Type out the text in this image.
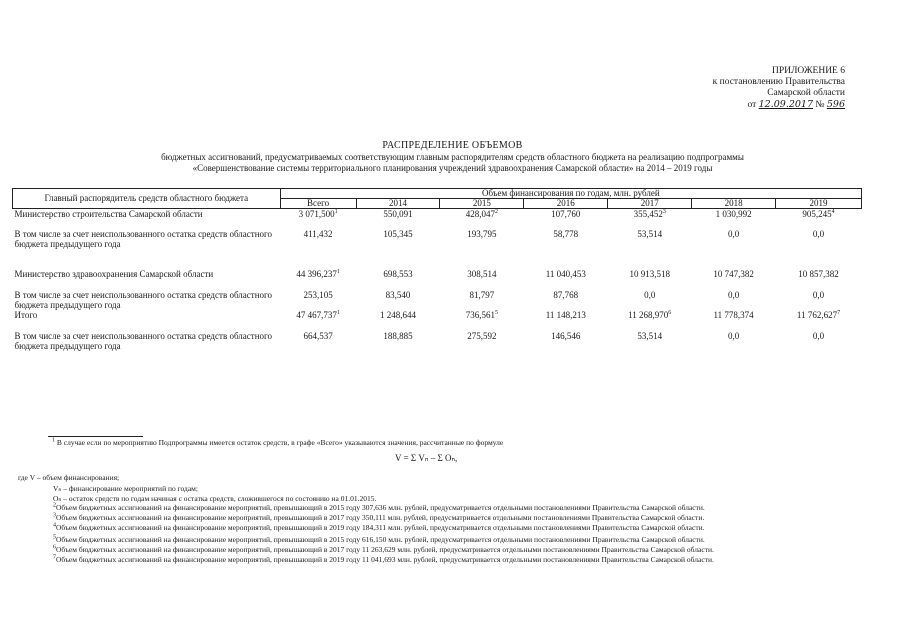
ПРИЛОЖЕНИЕ 6
к постановлению Правительства
Самарской области
от 12.09.2017 № 596
РАСПРЕДЕЛЕНИЕ ОБЪЕМОВ
бюджетных ассигнований, предусматриваемых соответствующим главным распорядителям средств областного бюджета на реализацию подпрограммы
«Совершенствование системы территориального планирования учреждений здравоохранения Самарской области» на 2014 – 2019 годы
Главный распорядитель средств областного бюджета	Объем финансирования по годам, млн. рублей						
	Всего	2014	2015	2016	2017	2018	2019
Министерство строительства Самарской области	3 071,500$^1$	550,091	428,047$^2$	107,760	355,452$^3$	1 030,992	905,245$^4$
В том числе за счет неиспользованного остатка средств областного бюджета предыдущего года	411,432	105,345	193,795	58,778	53,514	0,0	0,0
Министерство здравоохранения Самарской области	44 396,237$^1$	698,553	308,514	11 040,453	10 913,518	10 747,382	10 857,382
В том числе за счет неиспользованного остатка средств областного бюджета предыдущего года	253,105	83,540	81,797	87,768	0,0	0,0	0,0
Итого	47 467,737$^1$	1 248,644	736,561$^5$	11 148,213	11 268,970$^6$	11 778,374	11 762,627$^7$
В том числе за счет неиспользованного остатка средств областного бюджета предыдущего года	664,537	188,885	275,592	146,546	53,514	0,0	0,0
$^1$ В случае если по мероприятию Подпрограммы имеется остаток средств, в графе «Всего» указываются значения, рассчитанные по формуле
V = Σ Vₙ – Σ Oₙ,
где V – объем финансирования;
Vₙ – финансирование мероприятий по годам;
Oₙ – остаток средств по годам начиная с остатка средств, сложившегося по состоянию на 01.01.2015.
$^2$Объем бюджетных ассигнований на финансирование мероприятий, превышающий в 2015 году 307,636 млн. рублей, предусматривается отдельными постановлениями Правительства Самарской области.
$^3$Объем бюджетных ассигнований на финансирование мероприятий, превышающий в 2017 году 350,111 млн. рублей, предусматривается отдельными постановлениями Правительства Самарской области.
$^4$Объем бюджетных ассигнований на финансирование мероприятий, превышающий в 2019 году 184,311 млн. рублей, предусматривается отдельными постановлениями Правительства Самарской области.
$^5$Объем бюджетных ассигнований на финансирование мероприятий, превышающий в 2015 году 616,150 млн. рублей, предусматривается отдельными постановлениями Правительства Самарской области.
$^6$Объем бюджетных ассигнований на финансирование мероприятий, превышающий в 2017 году 11 263,629 млн. рублей, предусматривается отдельными постановлениями Правительства Самарской области.
$^7$Объем бюджетных ассигнований на финансирование мероприятий, превышающий в 2019 году 11 041,693 млн. рублей, предусматривается отдельными постановлениями Правительства Самарской области.
